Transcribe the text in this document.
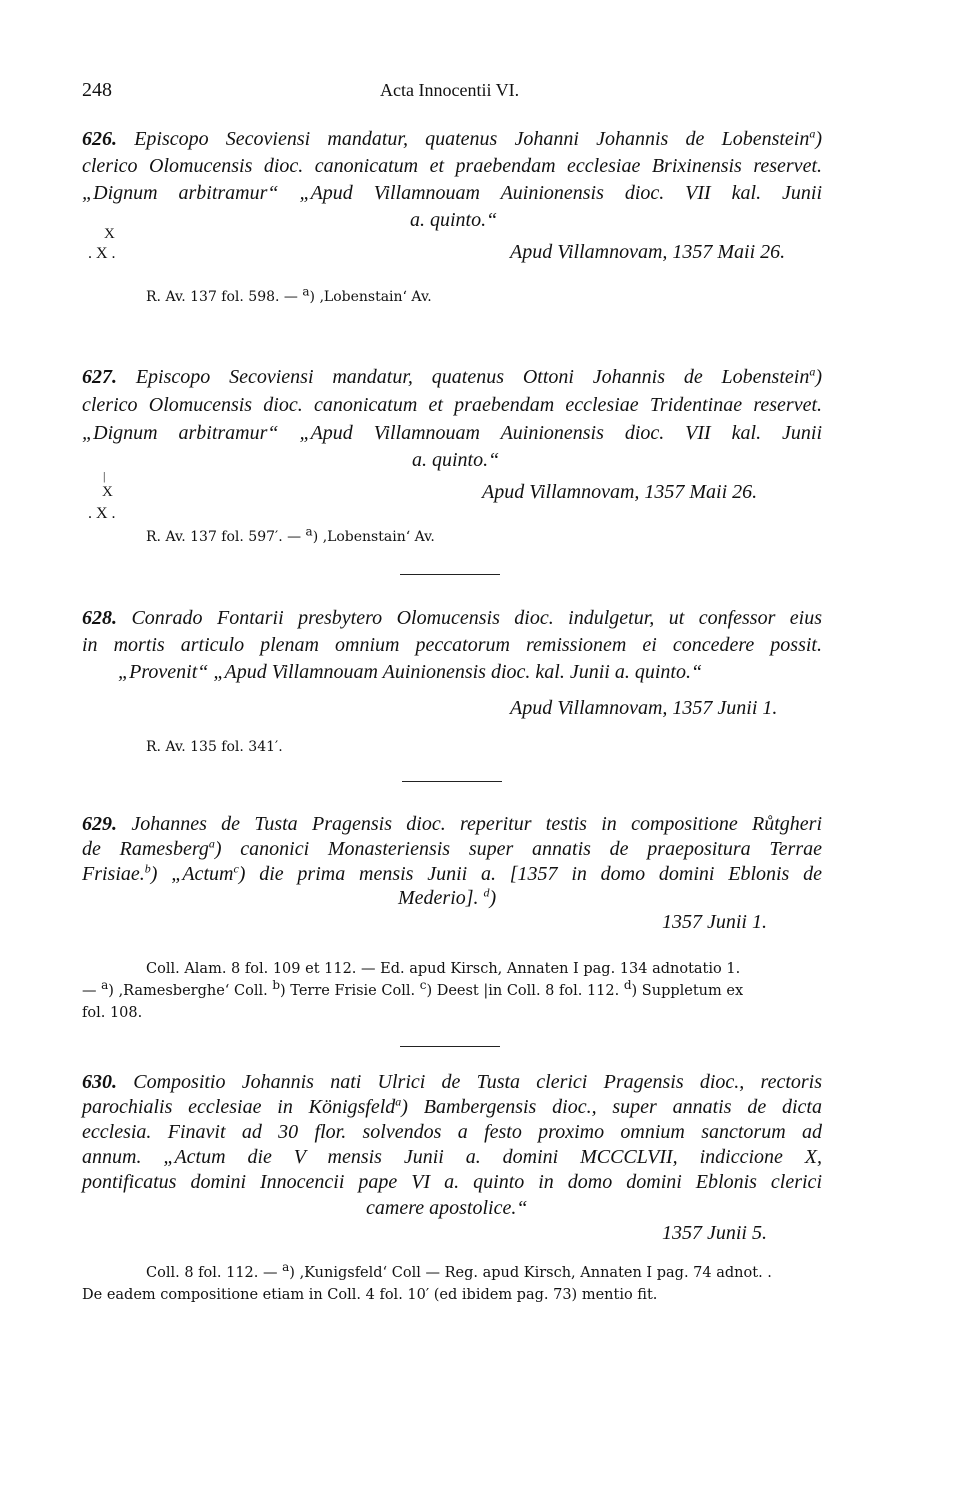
248	Acta Innocentii VI.
626. Episcopo Secoviensi mandatur, quatenus Johanni Johannis de Lobenstein$^a$)
clerico Olomucensis dioc. canonicatum et praebendam ecclesiae Brixinensis reservet.
„Dignum arbitramur“ „Apud Villamnouam Auinionensis dioc. VII kal. Junii
a. quinto.“
X
. X .	Apud Villamnovam, 1357 Maii 26.
R. Av. 137 fol. 598. — $^a$) ‚Lobenstain‘ Av.
627. Episcopo Secoviensi mandatur, quatenus Ottoni Johannis de Lobenstein$^a$)
clerico Olomucensis dioc. canonicatum et praebendam ecclesiae Tridentinae reservet.
„Dignum arbitramur“ „Apud Villamnouam Auinionensis dioc. VII kal. Junii
a. quinto.“
|
X
. X .
Apud Villamnovam, 1357 Maii 26.
R. Av. 137 fol. 597′. — $^a$) ‚Lobenstain‘ Av.
628. Conrado Fontarii presbytero Olomucensis dioc. indulgetur, ut confessor eius
in mortis articulo plenam omnium peccatorum remissionem ei concedere possit.
„Provenit“ „Apud Villamnouam Auinionensis dioc. kal. Junii a. quinto.“
Apud Villamnovam, 1357 Junii 1.
R. Av. 135 fol. 341′.
629. Johannes de Tusta Pragensis dioc. reperitur testis in compositione Růtgheri
de Ramesberg$^a$) canonici Monasteriensis super annatis de praepositura Terrae
Frisiae.$^b$) „Actum$^c$) die prima mensis Junii a. [1357 in domo domini Eblonis de
Mederio]. $^d$)
1357 Junii 1.
Coll. Alam. 8 fol. 109 et 112. — Ed. apud Kirsch, Annaten I pag. 134 adnotatio 1.
— $^a$) ‚Ramesberghe‘ Coll. $^b$) Terre Frisie Coll. $^c$) Deest |in Coll. 8 fol. 112. $^d$) Suppletum ex
fol. 108.
630. Compositio Johannis nati Ulrici de Tusta clerici Pragensis dioc., rectoris
parochialis ecclesiae in Königsfeld$^a$) Bambergensis dioc., super annatis de dicta
ecclesia. Finavit ad 30 flor. solvendos a festo proximo omnium sanctorum ad
annum. „Actum die V mensis Junii a. domini MCCCLVII, indiccione X,
pontificatus domini Innocencii pape VI a. quinto in domo domini Eblonis clerici
camere apostolice.“
1357 Junii 5.
Coll. 8 fol. 112. — $^a$) ‚Kunigsfeld‘ Coll — Reg. apud Kirsch, Annaten I pag. 74 adnot. .
De eadem compositione etiam in Coll. 4 fol. 10′ (ed ibidem pag. 73) mentio fit.
